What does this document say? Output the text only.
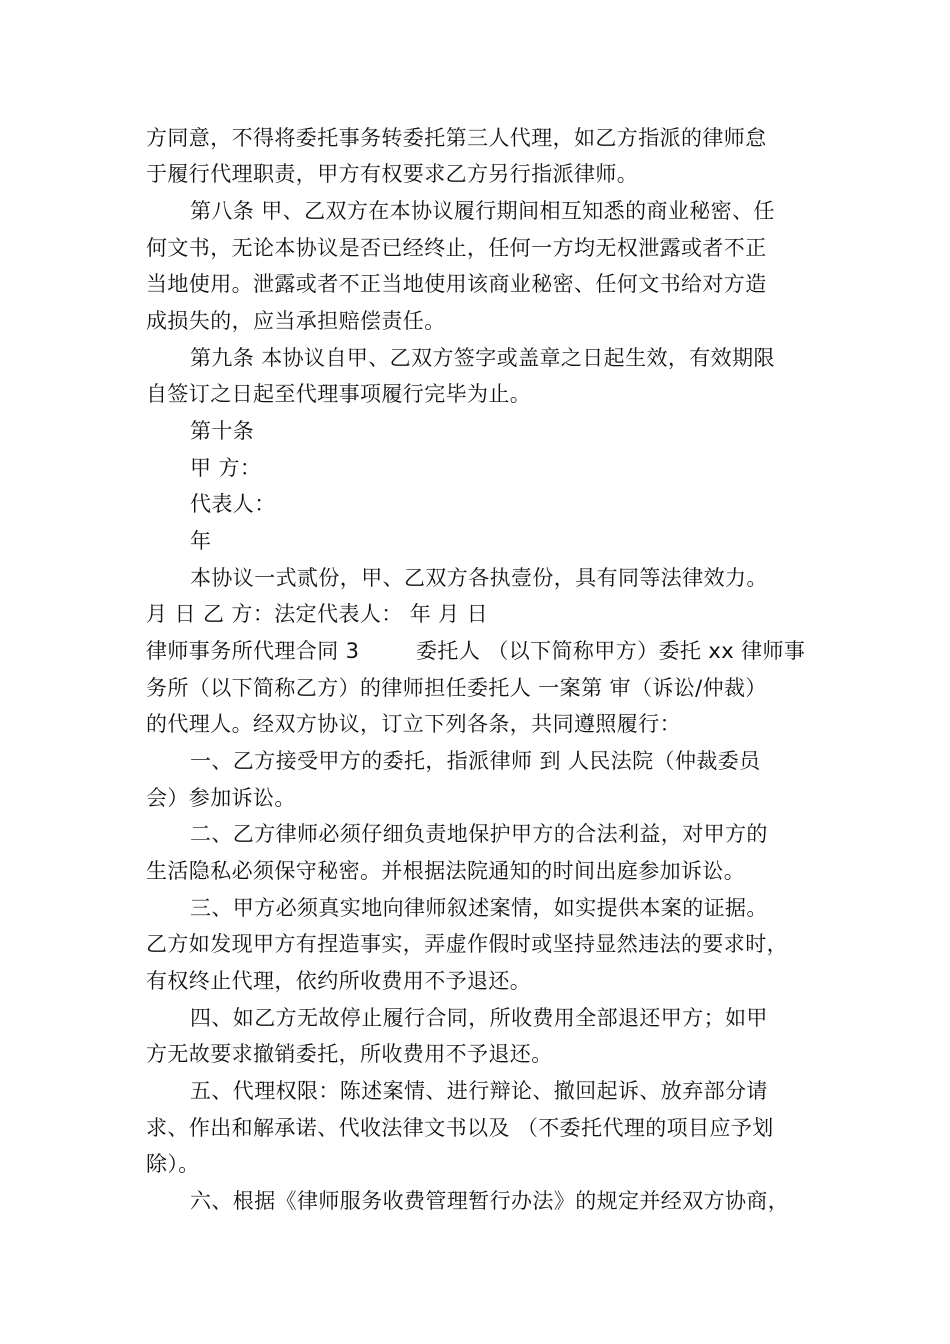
方同意，不得将委托事务转委托第三人代理，如乙方指派的律师怠
于履行代理职责，甲方有权要求乙方另行指派律师。
第八条 甲、乙双方在本协议履行期间相互知悉的商业秘密、任
何文书，无论本协议是否已经终止，任何一方均无权泄露或者不正
当地使用。泄露或者不正当地使用该商业秘密、任何文书给对方造
成损失的，应当承担赔偿责任。
第九条 本协议自甲、乙双方签字或盖章之日起生效，有效期限
自签订之日起至代理事项履行完毕为止。
第十条
甲 方：
代表人：
年
本协议一式贰份，甲、乙双方各执壹份，具有同等法律效力。
月 日 乙 方：法定代表人： 年 月 日
律师事务所代理合同 3        委托人 （以下简称甲方）委托 xx 律师事
务所（以下简称乙方）的律师担任委托人 一案第 审（诉讼/仲裁）
的代理人。经双方协议，订立下列各条，共同遵照履行：
一、乙方接受甲方的委托，指派律师 到 人民法院（仲裁委员
会）参加诉讼。
二、乙方律师必须仔细负责地保护甲方的合法利益，对甲方的
生活隐私必须保守秘密。并根据法院通知的时间出庭参加诉讼。
三、甲方必须真实地向律师叙述案情，如实提供本案的证据。
乙方如发现甲方有捏造事实，弄虚作假时或坚持显然违法的要求时，
有权终止代理，依约所收费用不予退还。
四、如乙方无故停止履行合同，所收费用全部退还甲方；如甲
方无故要求撤销委托，所收费用不予退还。
五、代理权限：陈述案情、进行辩论、撤回起诉、放弃部分请
求、作出和解承诺、代收法律文书以及 （不委托代理的项目应予划
除）。
六、根据《律师服务收费管理暂行办法》的规定并经双方协商，
